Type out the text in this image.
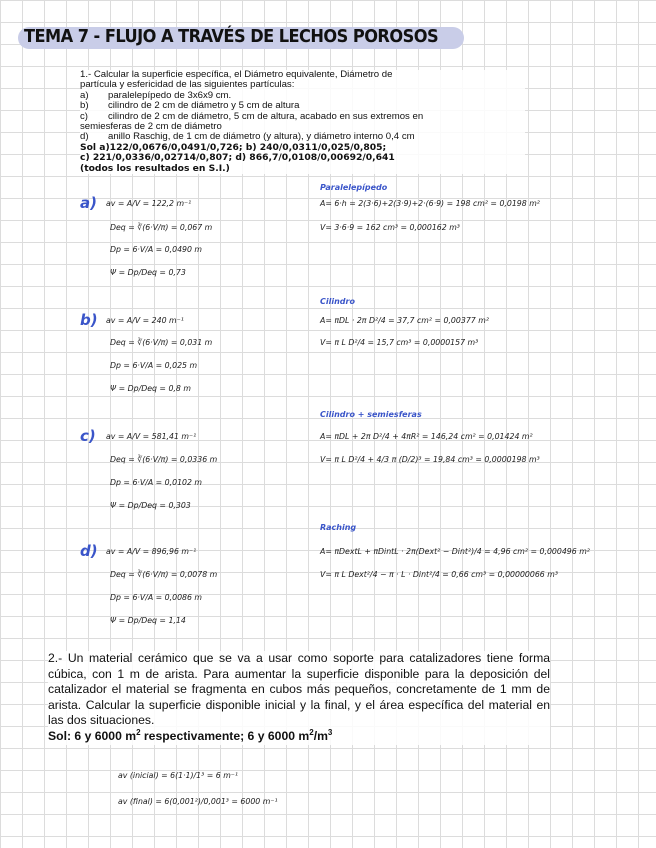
TEMA 7 - FLUJO A TRAVÉS DE LECHOS POROSOS
1.- Calcular la superficie específica, el Diámetro equivalente, Diámetro de
partícula y esfericidad de las siguientes partículas:
a)	paralelepípedo de 3x6x9 cm.
b)	cilindro de 2 cm de diámetro y 5 cm de altura
c)	cilindro de 2 cm de diámetro, 5 cm de altura, acabado en sus extremos en
semiesferas de 2 cm de diámetro
d)	anillo Raschig, de 1 cm de diámetro (y altura), y diámetro interno 0,4 cm
Sol a)122/0,0676/0,0491/0,726; b) 240/0,0311/0,025/0,805;
c) 221/0,0336/0,02714/0,807; d) 866,7/0,0108/0,00692/0,641
(todos los resultados en S.I.)
a) av = A/V = 122,2 m⁻¹
Deq = ∛(6·V/π) = 0,067 m
Dp = 6·V/A = 0,0490 m
Ψ = Dp/Deq = 0,73
Paralelepípedo
A= 6·h = 2(3·6)+2(3·9)+2·(6·9) = 198 cm² = 0,0198 m²
V= 3·6·9 = 162 cm³ = 0,000162 m³
b) av = A/V = 240 m⁻¹
Deq = ∛(6·V/π) = 0,031 m
Dp = 6·V/A = 0,025 m
Ψ = Dp/Deq = 0,8 m
Cilindro
A= πDL · 2π D²/4 = 37,7 cm² = 0,00377 m²
V= π L D²/4 = 15,7 cm³ = 0,0000157 m³
c) av = A/V = 581,41 m⁻¹
Deq = ∛(6·V/π) = 0,0336 m
Dp = 6·V/A = 0,0102 m
Ψ = Dp/Deq = 0,303
Cilindro + semiesferas
A= πDL + 2π D²/4 + 4πR² = 146,24 cm² = 0,01424 m²
V= π L D²/4 + 4/3 π (D/2)³ = 19,84 cm³ = 0,0000198 m³
d) av = A/V = 896,96 m⁻¹
Deq = ∛(6·V/π) = 0,0078 m
Dp = 6·V/A = 0,0086 m
Ψ = Dp/Deq = 1,14
Raching
A= πDextL + πDintL · 2π(Dext² − Dint²)/4 = 4,96 cm² = 0,000496 m²
V= π L Dext²/4 − π · L · Dint²/4 = 0,66 cm³ = 0,00000066 m³
2.- Un material cerámico que se va a usar como soporte para catalizadores tiene forma cúbica, con 1 m de arista. Para aumentar la superficie disponible para la deposición del catalizador el material se fragmenta en cubos más pequeños, concretamente de 1 mm de arista. Calcular la superficie disponible inicial y la final, y el área específica del material en las dos situaciones.
Sol: 6 y 6000 $m^2$ respectivamente; 6 y 6000 $m^2/m^3$
av (inicial) = 6(1·1)/1³ = 6 m⁻¹
av (final) = 6(0,001²)/0,001³ = 6000 m⁻¹
